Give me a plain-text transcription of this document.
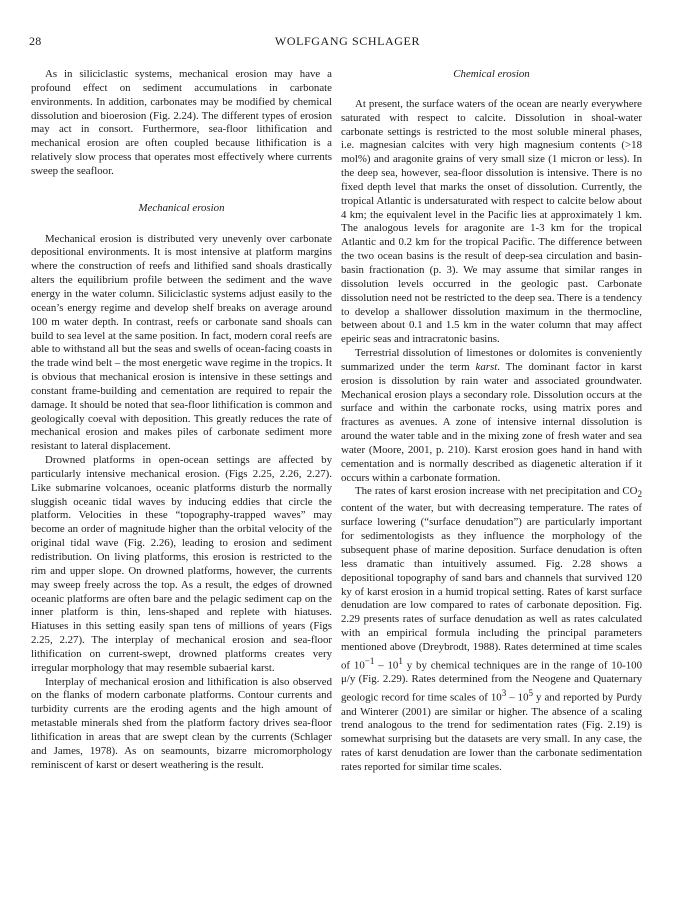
28	WOLFGANG SCHLAGER

As in siliciclastic systems, mechanical erosion may have a profound effect on sediment accumulations in carbonate environments. In addition, carbonates may be modified by chemical dissolution and bioerosion (Fig. 2.24). The different types of erosion may act in consort. Furthermore, sea-floor lithification and mechanical erosion are often coupled because lithification is a relatively slow process that operates most effectively where currents sweep the seafloor.

Mechanical erosion

Mechanical erosion is distributed very unevenly over carbonate depositional environments. It is most intensive at platform margins where the construction of reefs and lithified sand shoals drastically alters the equilibrium profile between the sediment and the wave energy in the water column. Siliciclastic systems adjust easily to the ocean’s energy regime and develop shelf breaks on average around 100 m water depth. In contrast, reefs or carbonate sand shoals can build to sea level at the same position. In fact, modern coral reefs are able to withstand all but the seas and swells of ocean-facing coasts in the trade wind belt – the most energetic wave regime in the tropics. It is obvious that mechanical erosion is intensive in these settings and constant frame-building and cementation are required to repair the damage. It should be noted that sea-floor lithification is common and geologically coeval with deposition. This greatly reduces the rate of mechanical erosion and makes piles of carbonate sediment more resistant to lateral displacement.

Drowned platforms in open-ocean settings are affected by particularly intensive mechanical erosion. (Figs 2.25, 2.26, 2.27). Like submarine volcanoes, oceanic platforms disturb the normally sluggish oceanic tidal waves by inducing eddies that circle the platform. Velocities in these “topography-trapped waves” may become an order of magnitude higher than the orbital velocity of the original tidal wave (Fig. 2.26), leading to erosion and sediment redistribution. On living platforms, this erosion is restricted to the rim and upper slope. On drowned platforms, however, the currents may sweep freely across the top. As a result, the edges of drowned oceanic platforms are often bare and the pelagic sediment cap on the inner platform is thin, lens-shaped and replete with hiatuses. Hiatuses in this setting easily span tens of millions of years (Figs 2.25, 2.27). The interplay of mechanical erosion and sea-floor lithification on current-swept, drowned platforms creates very irregular morphology that may resemble subaerial karst.

Interplay of mechanical erosion and lithification is also observed on the flanks of modern carbonate platforms. Contour currents and turbidity currents are the eroding agents and the high amount of metastable minerals shed from the platform factory drives sea-floor lithification in areas that are swept clean by the currents (Schlager and James, 1978). As on seamounts, bizarre micromorphology reminiscent of karst or desert weathering is the result.

Chemical erosion

At present, the surface waters of the ocean are nearly everywhere saturated with respect to calcite. Dissolution in shoal-water carbonate settings is restricted to the most soluble mineral phases, i.e. magnesian calcites with very high magnesium contents (>18 mol%) and aragonite grains of very small size (1 micron or less). In the deep sea, however, sea-floor dissolution is intensive. There is no fixed depth level that marks the onset of dissolution. Currently, the tropical Atlantic is undersaturated with respect to calcite below about 4 km; the equivalent level in the Pacific lies at approximately 1 km. The analogous levels for aragonite are 1-3 km for the tropical Atlantic and 0.2 km for the tropical Pacific. The difference between the two ocean basins is the result of deep-sea circulation and basin-basin fractionation (p. 3). We may assume that similar ranges in dissolution levels occurred in the geologic past. Carbonate dissolution need not be restricted to the deep sea. There is a tendency to develop a shallower dissolution maximum in the thermocline, between about 0.1 and 1.5 km in the water column that may affect epeiric seas and intracratonic basins.

Terrestrial dissolution of limestones or dolomites is conveniently summarized under the term karst. The dominant factor in karst erosion is dissolution by rain water and associated groundwater. Mechanical erosion plays a secondary role. Dissolution occurs at the surface and within the carbonate rocks, using matrix pores and fractures as avenues. A zone of intensive internal dissolution is around the water table and in the mixing zone of fresh water and sea water (Moore, 2001, p. 210). Karst erosion goes hand in hand with cementation and is normally described as diagenetic alteration if it occurs within a carbonate formation.

The rates of karst erosion increase with net precipitation and $CO_2$ content of the water, but with decreasing temperature. The rates of surface lowering (“surface denudation”) are particularly important for sedimentologists as they influence the morphology of the subsequent phase of marine deposition. Surface denudation is often less dramatic than intuitively assumed. Fig. 2.28 shows a depositional topography of sand bars and channels that survived 120 ky of karst erosion in a humid tropical setting. Rates of karst surface denudation are low compared to rates of carbonate deposition. Fig. 2.29 presents rates of surface denudation as well as rates calculated with an empirical formula including the principal parameters mentioned above (Dreybrodt, 1988). Rates determined at time scales of $10^{-1} - 10^1$ y by chemical techniques are in the range of 10-100 μ/y (Fig. 2.29). Rates determined from the Neogene and Quaternary geologic record for time scales of $10^3 - 10^5$ y and reported by Purdy and Winterer (2001) are similar or higher. The absence of a scaling trend analogous to the trend for sedimentation rates (Fig. 2.19) is somewhat surprising but the datasets are very small. In any case, the rates of karst denudation are lower than the carbonate sedimentation rates reported for similar time scales.
